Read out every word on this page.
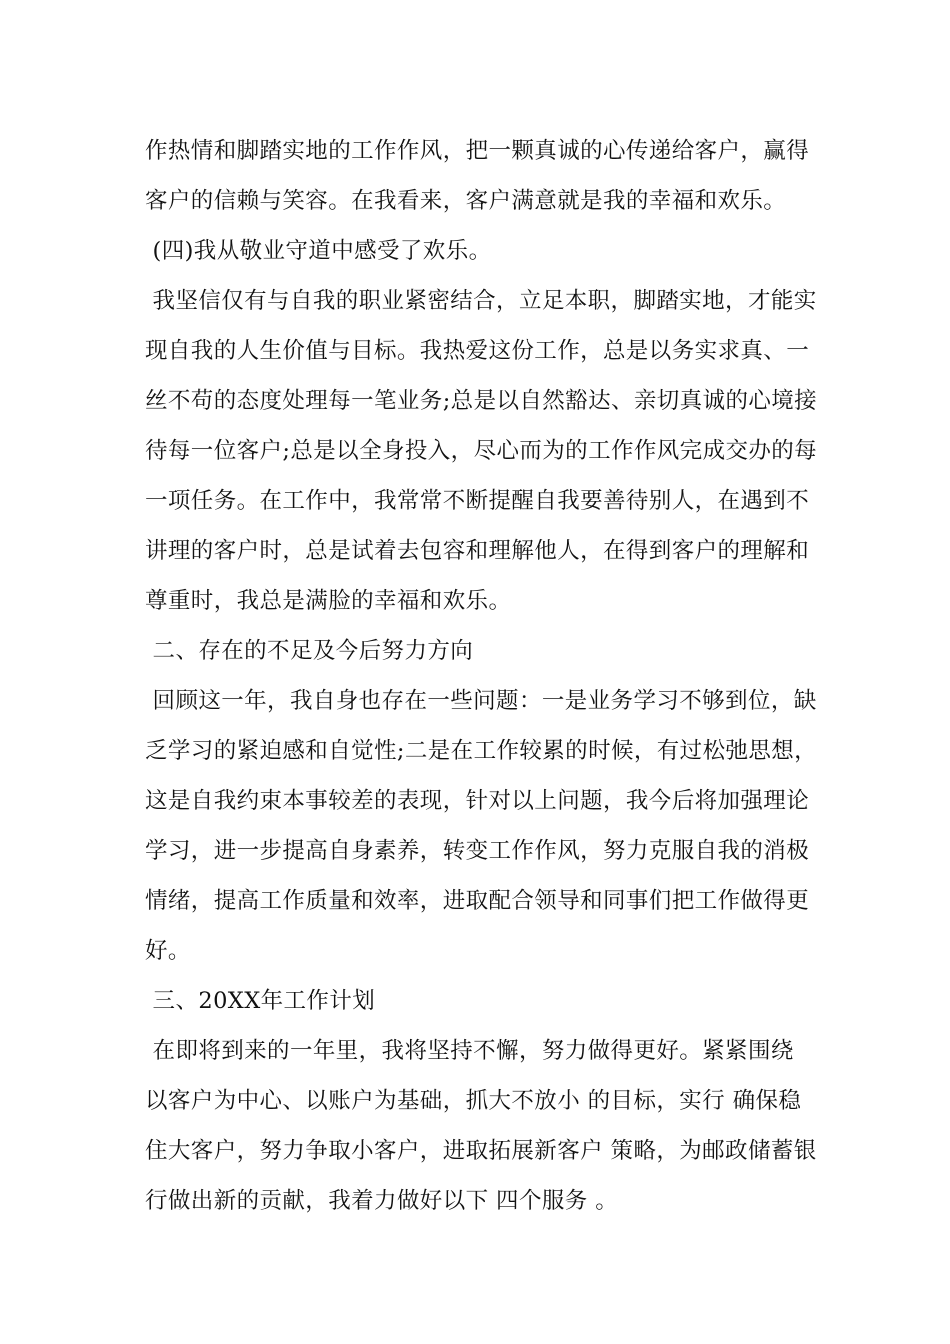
作热情和脚踏实地的工作作风，把一颗真诚的心传递给客户，赢得

客户的信赖与笑容。在我看来，客户满意就是我的幸福和欢乐。

(四)我从敬业守道中感受了欢乐。

我坚信仅有与自我的职业紧密结合，立足本职，脚踏实地，才能实

现自我的人生价值与目标。我热爱这份工作，总是以务实求真、一

丝不苟的态度处理每一笔业务;总是以自然豁达、亲切真诚的心境接

待每一位客户;总是以全身投入，尽心而为的工作作风完成交办的每

一项任务。在工作中，我常常不断提醒自我要善待别人，在遇到不

讲理的客户时，总是试着去包容和理解他人，在得到客户的理解和

尊重时，我总是满脸的幸福和欢乐。

二、存在的不足及今后努力方向

回顾这一年，我自身也存在一些问题：一是业务学习不够到位，缺

乏学习的紧迫感和自觉性;二是在工作较累的时候，有过松弛思想，

这是自我约束本事较差的表现，针对以上问题，我今后将加强理论

学习，进一步提高自身素养，转变工作作风，努力克服自我的消极

情绪，提高工作质量和效率，进取配合领导和同事们把工作做得更

好。

三、20XX年工作计划

在即将到来的一年里，我将坚持不懈，努力做得更好。紧紧围绕

以客户为中心、以账户为基础，抓大不放小 的目标，实行 确保稳

住大客户，努力争取小客户，进取拓展新客户 策略，为邮政储蓄银

行做出新的贡献，我着力做好以下 四个服务 。
